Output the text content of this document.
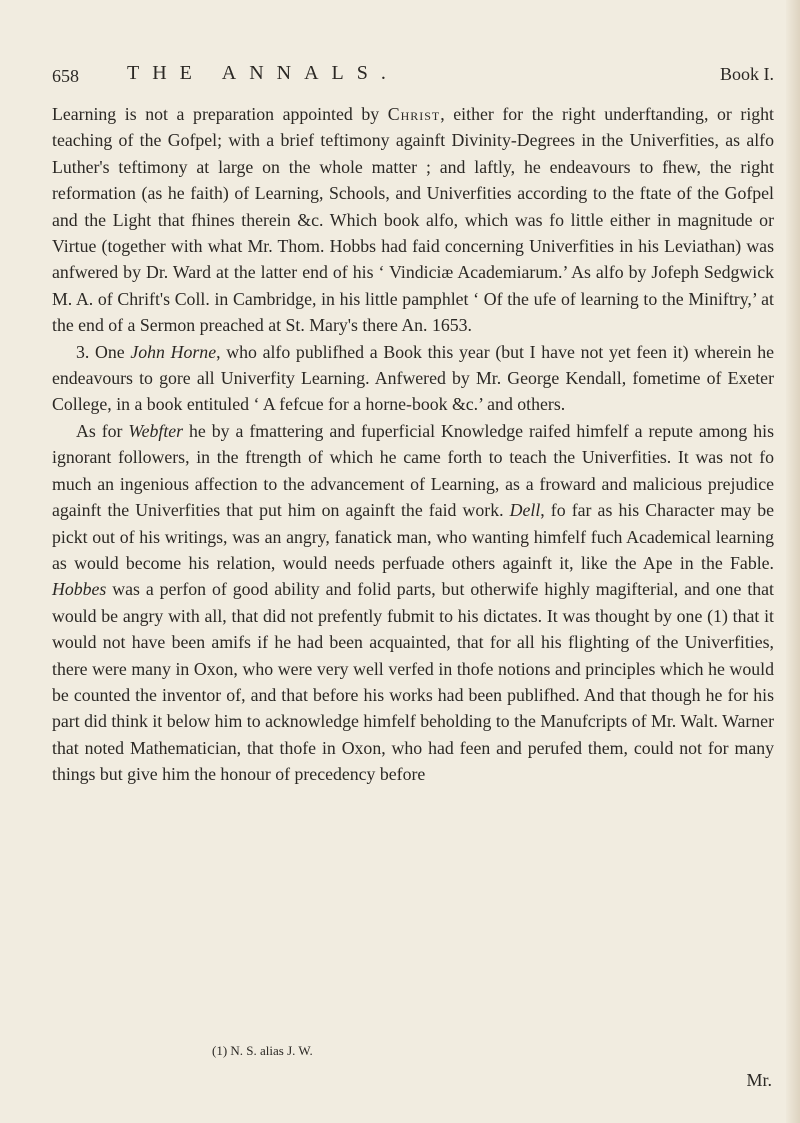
658 THE ANNALS.	Book I.

Learning is not a preparation appointed by Christ, either for the right underftanding, or right teaching of the Gofpel; with a brief teftimony againft Divinity-Degrees in the Univerfities, as alfo Luther's teftimony at large on the whole matter ; and laftly, he endeavours to fhew, the right reformation (as he faith) of Learning, Schools, and Univerfities according to the ftate of the Gofpel and the Light that fhines therein &c. Which book alfo, which was fo little either in magnitude or Virtue (together with what Mr. Thom. Hobbs had faid concerning Univerfities in his Leviathan) was anfwered by Dr. Ward at the latter end of his ‘ Vindiciæ Academiarum.’ As alfo by Jofeph Sedgwick M. A. of Chrift's Coll. in Cambridge, in his little pamphlet ‘ Of the ufe of learning to the Miniftry,’ at the end of a Sermon preached at St. Mary's there An. 1653.

3. One John Horne, who alfo publifhed a Book this year (but I have not yet feen it) wherein he endeavours to gore all Univerfity Learning. Anfwered by Mr. George Kendall, fometime of Exeter College, in a book entituled ‘ A fefcue for a horne-book &c.’ and others.

As for Webfter he by a fmattering and fuperficial Knowledge raifed himfelf a repute among his ignorant followers, in the ftrength of which he came forth to teach the Univerfities. It was not fo much an ingenious affection to the advancement of Learning, as a froward and malicious prejudice againft the Univerfities that put him on againft the faid work. Dell, fo far as his Character may be pickt out of his writings, was an angry, fanatick man, who wanting himfelf fuch Academical learning as would become his relation, would needs perfuade others againft it, like the Ape in the Fable. Hobbes was a perfon of good ability and folid parts, but otherwife highly magifterial, and one that would be angry with all, that did not prefently fubmit to his dictates. It was thought by one (1) that it would not have been amifs if he had been acquainted, that for all his flighting of the Univerfities, there were many in Oxon, who were very well verfed in thofe notions and principles which he would be counted the inventor of, and that before his works had been publifhed. And that though he for his part did think it below him to acknowledge himfelf beholding to the Manufcripts of Mr. Walt. Warner that noted Mathematician, that thofe in Oxon, who had feen and perufed them, could not for many things but give him the honour of precedency before

(1) N. S. alias J. W.
Mr.
